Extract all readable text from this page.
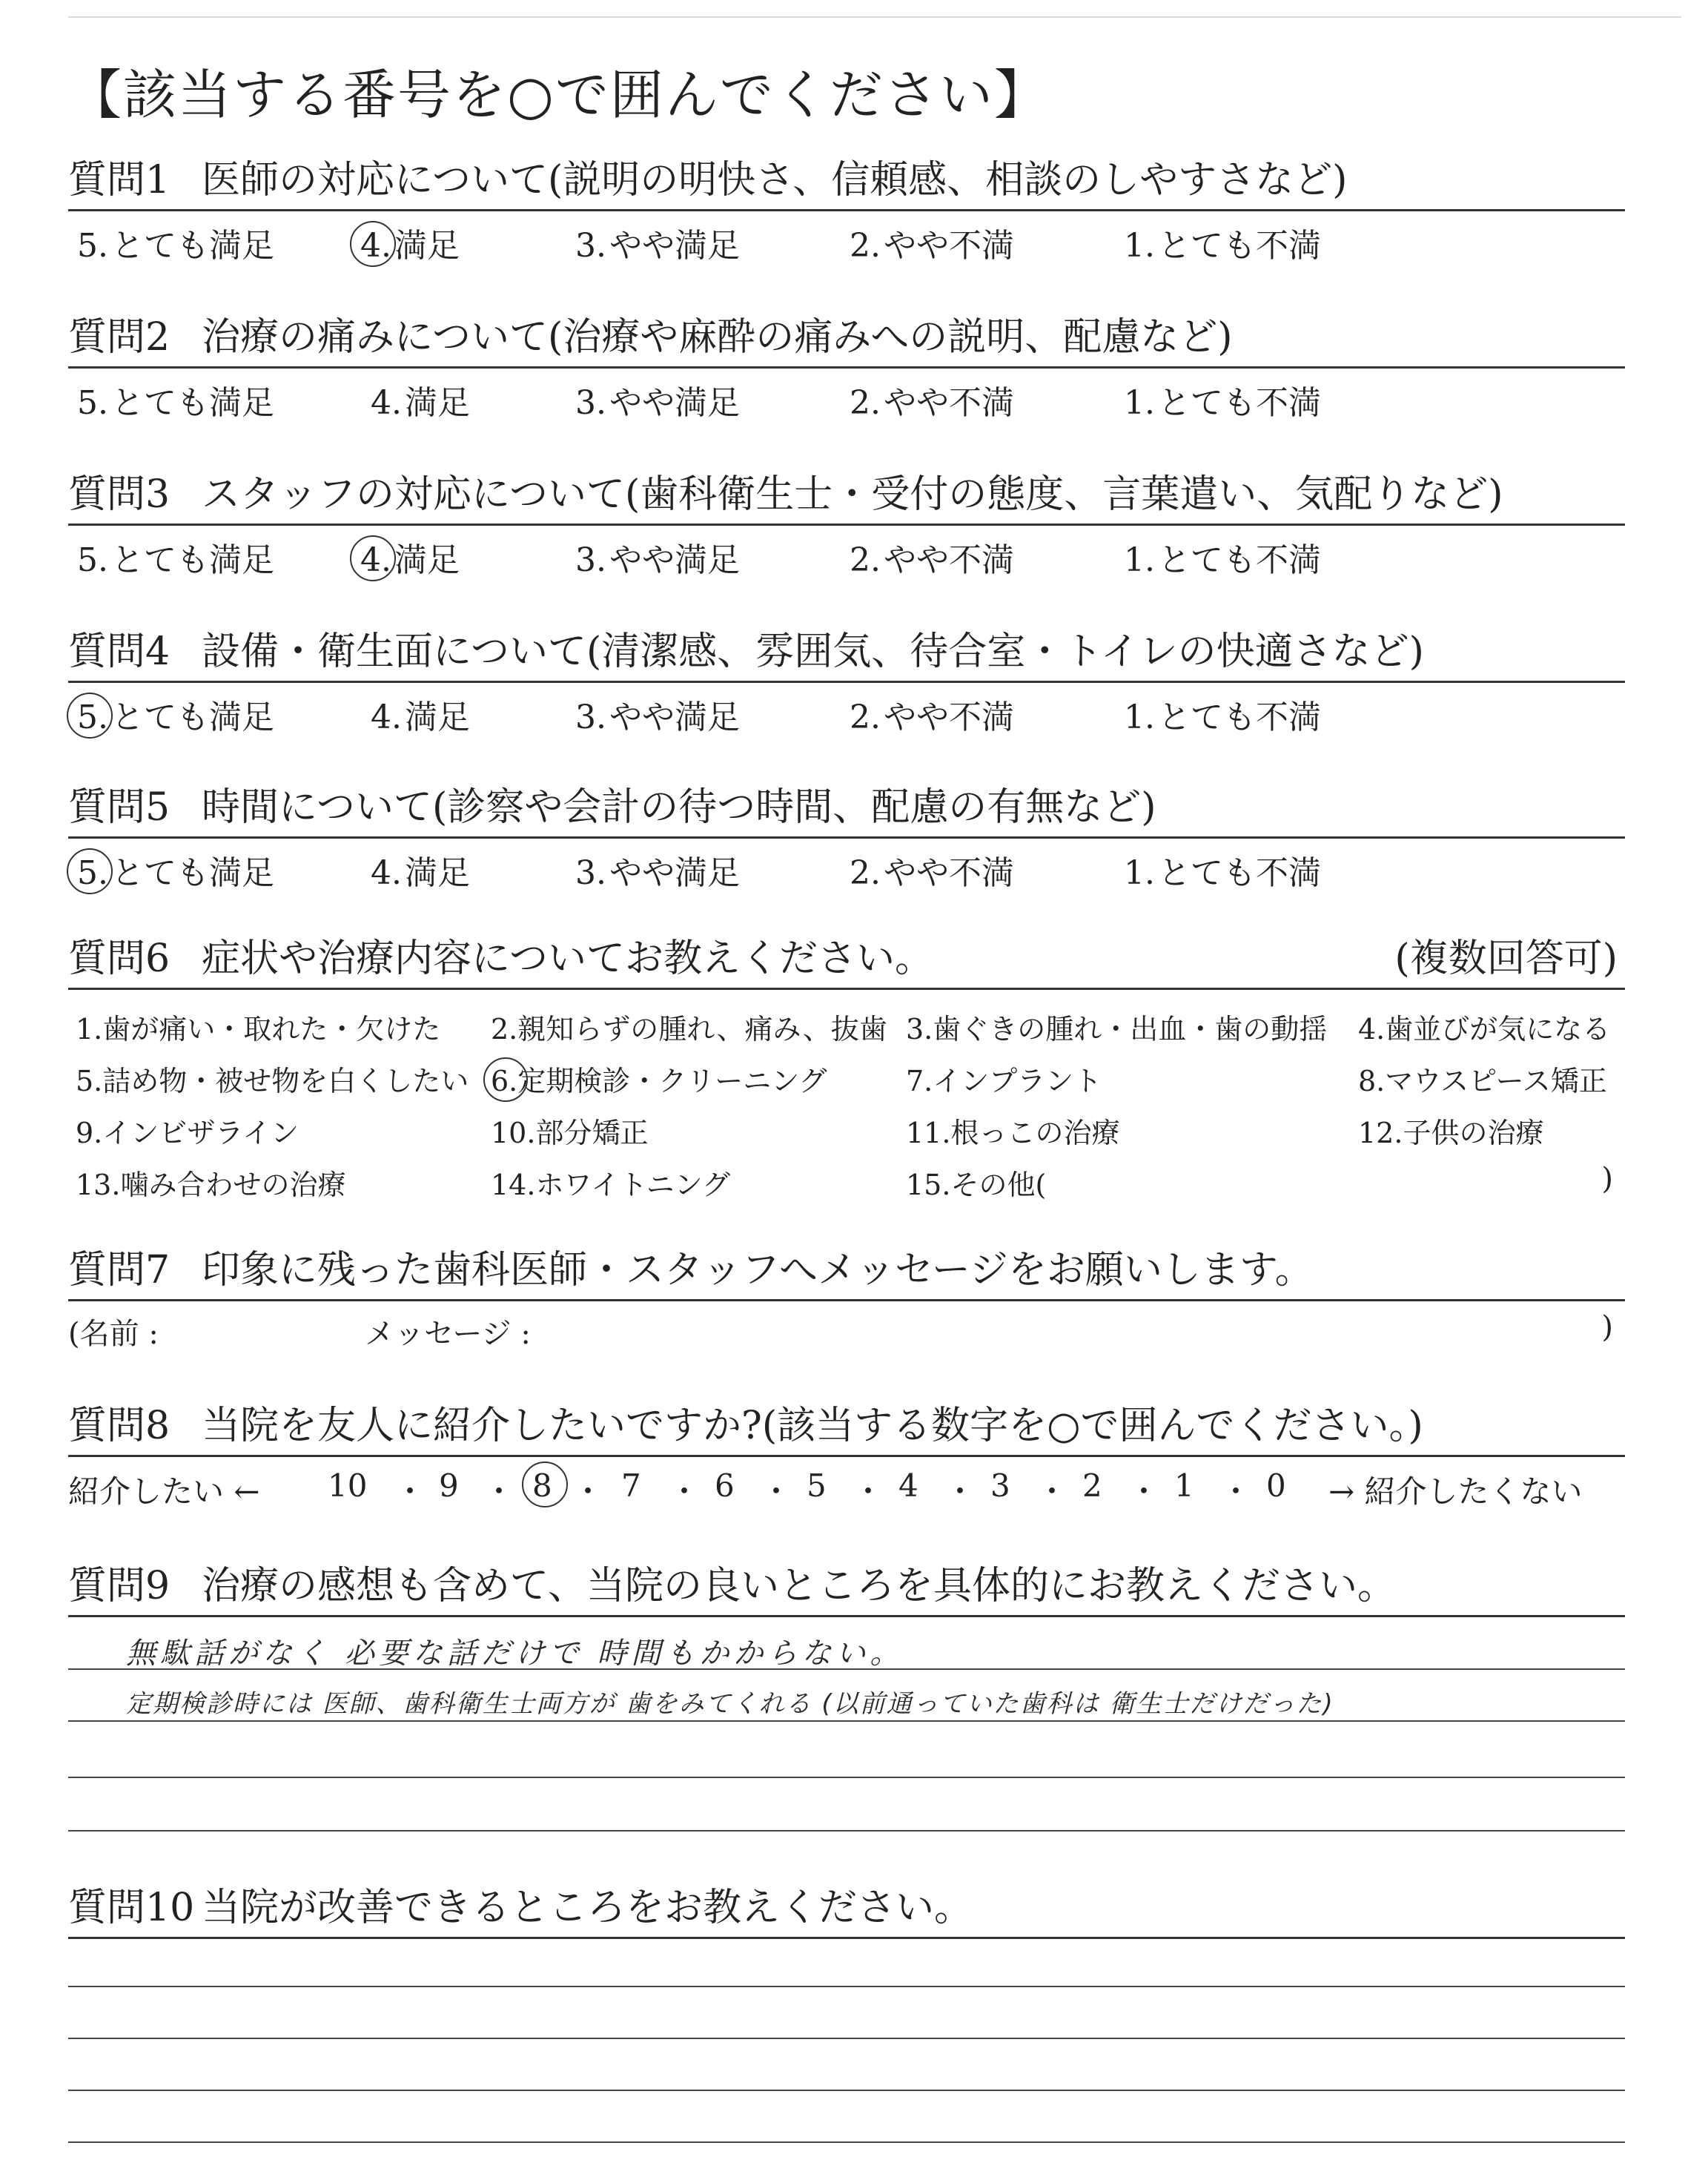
【該当する番号を○で囲んでください】
質問1 医師の対応について(説明の明快さ、信頼感、相談のしやすさなど)
5.とても満足	4.満足	3.やや満足	2.やや不満	1.とても不満
質問2 治療の痛みについて(治療や麻酔の痛みへの説明、配慮など)
5.とても満足	4.満足	3.やや満足	2.やや不満	1.とても不満
質問3 スタッフの対応について(歯科衛生士・受付の態度、言葉遣い、気配りなど)
5.とても満足	4.満足	3.やや満足	2.やや不満	1.とても不満
質問4 設備・衛生面について(清潔感、雰囲気、待合室・トイレの快適さなど)
5.とても満足	4.満足	3.やや満足	2.やや不満	1.とても不満
質問5 時間について(診察や会計の待つ時間、配慮の有無など)
5.とても満足	4.満足	3.やや満足	2.やや不満	1.とても不満
質問6 症状や治療内容についてお教えください。	(複数回答可)
1.歯が痛い・取れた・欠けた 2.親知らずの腫れ、痛み、抜歯 3.歯ぐきの腫れ・出血・歯の動揺 4.歯並びが気になる
5.詰め物・被せ物を白くしたい 6.定期検診・クリーニング	7.インプラント	8.マウスピース矯正
9.インビザライン	10.部分矯正	11.根っこの治療	12.子供の治療
13.噛み合わせの治療	14.ホワイトニング	15.その他(	)
質問7 印象に残った歯科医師・スタッフへメッセージをお願いします。
(名前 :	メッセージ :	)
質問8 当院を友人に紹介したいですか?(該当する数字を○で囲んでください。)
紹介したい ← 10 ・ 9 ・ 8 ・ 7 ・ 6 ・ 5 ・ 4 ・ 3 ・ 2 ・ 1 ・ 0 → 紹介したくない
質問9 治療の感想も含めて、当院の良いところを具体的にお教えください。
無駄話がなく 必要な話だけで 時間もかからない。
定期検診時には 医師、歯科衛生士両方が 歯をみてくれる (以前通っていた歯科は 衛生士だけだった)
質問10 当院が改善できるところをお教えください。
